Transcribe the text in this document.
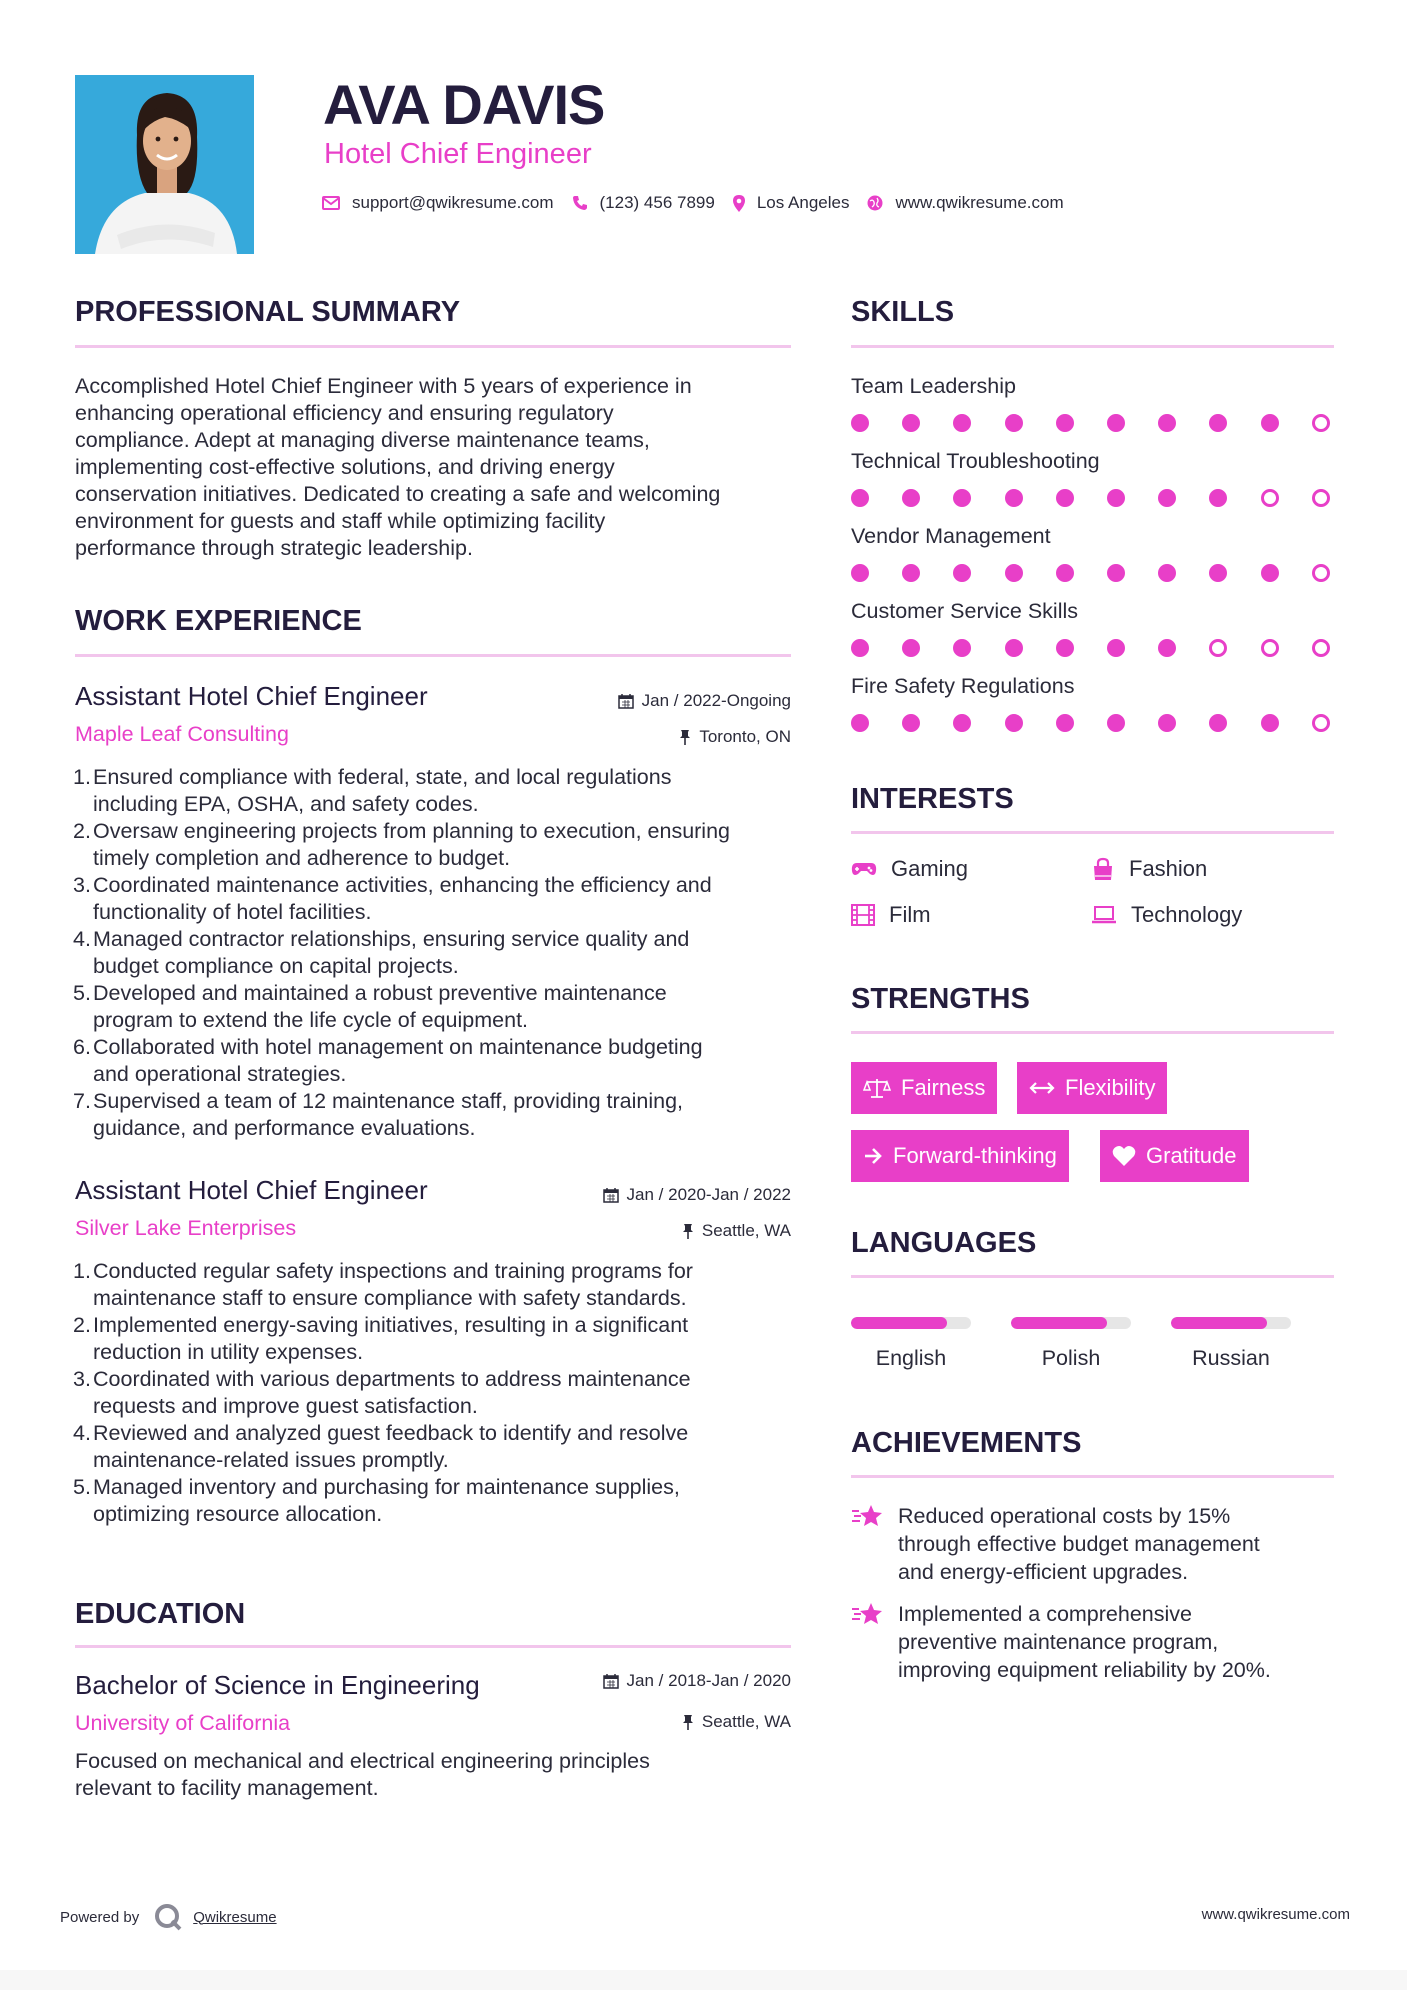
AVA DAVIS
Hotel Chief Engineer
support@qwikresume.com	(123) 456 7899 Los Angeles	www.qwikresume.com
PROFESSIONAL SUMMARY
Accomplished Hotel Chief Engineer with 5 years of experience in
enhancing operational efficiency and ensuring regulatory
compliance. Adept at managing diverse maintenance teams,
implementing cost-effective solutions, and driving energy
conservation initiatives. Dedicated to creating a safe and welcoming
environment for guests and staff while optimizing facility
performance through strategic leadership.
WORK EXPERIENCE
Assistant Hotel Chief Engineer	Jan / 2022-Ongoing
Maple Leaf Consulting	Toronto, ON
1. Ensured compliance with federal, state, and local regulations
including EPA, OSHA, and safety codes.
2. Oversaw engineering projects from planning to execution, ensuring
timely completion and adherence to budget.
3. Coordinated maintenance activities, enhancing the efficiency and
functionality of hotel facilities.
4. Managed contractor relationships, ensuring service quality and
budget compliance on capital projects.
5. Developed and maintained a robust preventive maintenance
program to extend the life cycle of equipment.
6. Collaborated with hotel management on maintenance budgeting
and operational strategies.
7. Supervised a team of 12 maintenance staff, providing training,
guidance, and performance evaluations.
Assistant Hotel Chief Engineer	Jan / 2020-Jan / 2022
Silver Lake Enterprises	Seattle, WA
1. Conducted regular safety inspections and training programs for
maintenance staff to ensure compliance with safety standards.
2. Implemented energy-saving initiatives, resulting in a significant
reduction in utility expenses.
3. Coordinated with various departments to address maintenance
requests and improve guest satisfaction.
4. Reviewed and analyzed guest feedback to identify and resolve
maintenance-related issues promptly.
5. Managed inventory and purchasing for maintenance supplies,
optimizing resource allocation.
EDUCATION
Bachelor of Science in Engineering	Jan / 2018-Jan / 2020
University of California	Seattle, WA
Focused on mechanical and electrical engineering principles
relevant to facility management.
SKILLS
Team Leadership
Technical Troubleshooting
Vendor Management
Customer Service Skills
Fire Safety Regulations
INTERESTS
Gaming	Fashion
Film	Technology
STRENGTHS
Fairness	Flexibility
Forward-thinking	Gratitude
LANGUAGES
English	Polish	Russian
ACHIEVEMENTS
Reduced operational costs by 15%
through effective budget management
and energy-efficient upgrades.
Implemented a comprehensive
preventive maintenance program,
improving equipment reliability by 20%.
Powered by	Qwikresume	www.qwikresume.com
